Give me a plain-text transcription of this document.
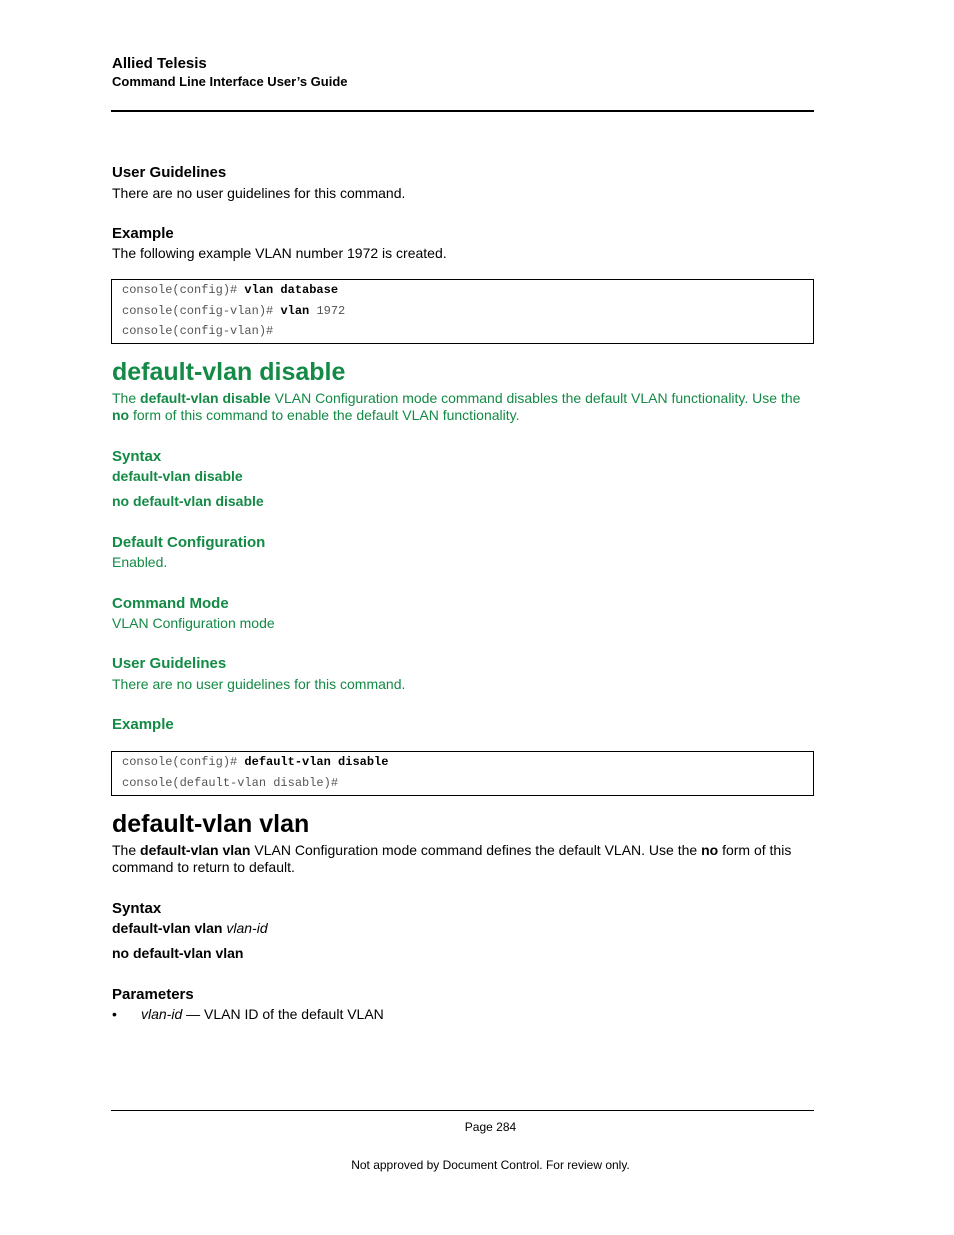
Allied Telesis
Command Line Interface User’s Guide
User Guidelines
There are no user guidelines for this command.
Example
The following example VLAN number 1972 is created.
console(config)# vlan database
console(config-vlan)# vlan 1972
console(config-vlan)#
default-vlan disable
The default-vlan disable VLAN Configuration mode command disables the default VLAN functionality. Use the
no form of this command to enable the default VLAN functionality.
Syntax
default-vlan disable
no default-vlan disable
Default Configuration
Enabled.
Command Mode
VLAN Configuration mode
User Guidelines
There are no user guidelines for this command.
Example
console(config)# default-vlan disable
console(default-vlan disable)#
default-vlan vlan
The default-vlan vlan VLAN Configuration mode command defines the default VLAN. Use the no form of this
command to return to default.
Syntax
default-vlan vlan vlan-id
no default-vlan vlan
Parameters
• vlan-id — VLAN ID of the default VLAN
Page 284
Not approved by Document Control. For review only.
